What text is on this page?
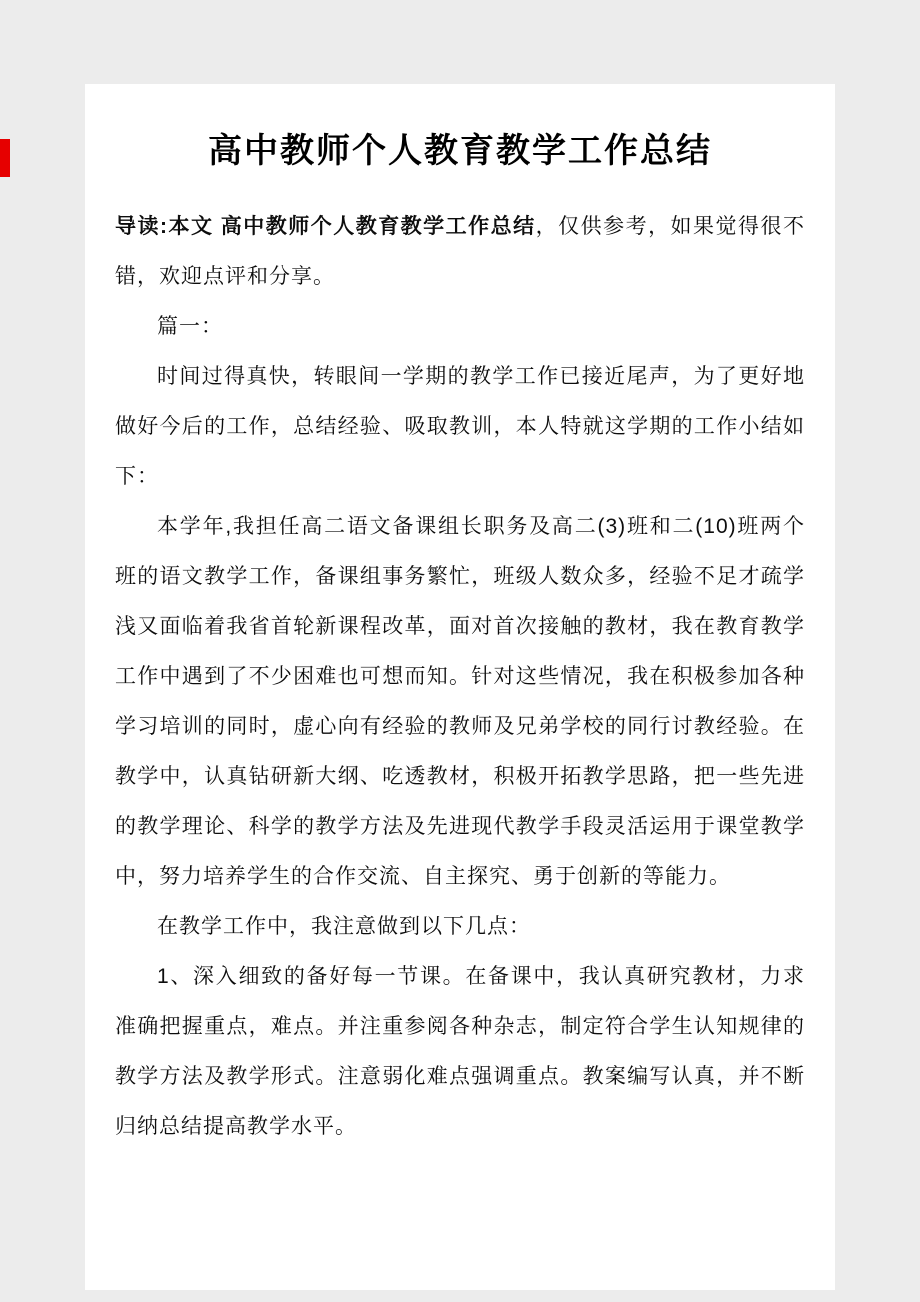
高中教师个人教育教学工作总结

导读:本文 高中教师个人教育教学工作总结，仅供参考，如果觉得很不错，欢迎点评和分享。

篇一：

时间过得真快，转眼间一学期的教学工作已接近尾声，为了更好地做好今后的工作，总结经验、吸取教训，本人特就这学期的工作小结如下：

本学年,我担任高二语文备课组长职务及高二(3)班和二(10)班两个班的语文教学工作，备课组事务繁忙，班级人数众多，经验不足才疏学浅又面临着我省首轮新课程改革，面对首次接触的教材，我在教育教学工作中遇到了不少困难也可想而知。针对这些情况，我在积极参加各种学习培训的同时，虚心向有经验的教师及兄弟学校的同行讨教经验。在教学中，认真钻研新大纲、吃透教材，积极开拓教学思路，把一些先进的教学理论、科学的教学方法及先进现代教学手段灵活运用于课堂教学中，努力培养学生的合作交流、自主探究、勇于创新的等能力。

在教学工作中，我注意做到以下几点：

1、深入细致的备好每一节课。在备课中，我认真研究教材，力求准确把握重点，难点。并注重参阅各种杂志，制定符合学生认知规律的教学方法及教学形式。注意弱化难点强调重点。教案编写认真，并不断归纳总结提高教学水平。
